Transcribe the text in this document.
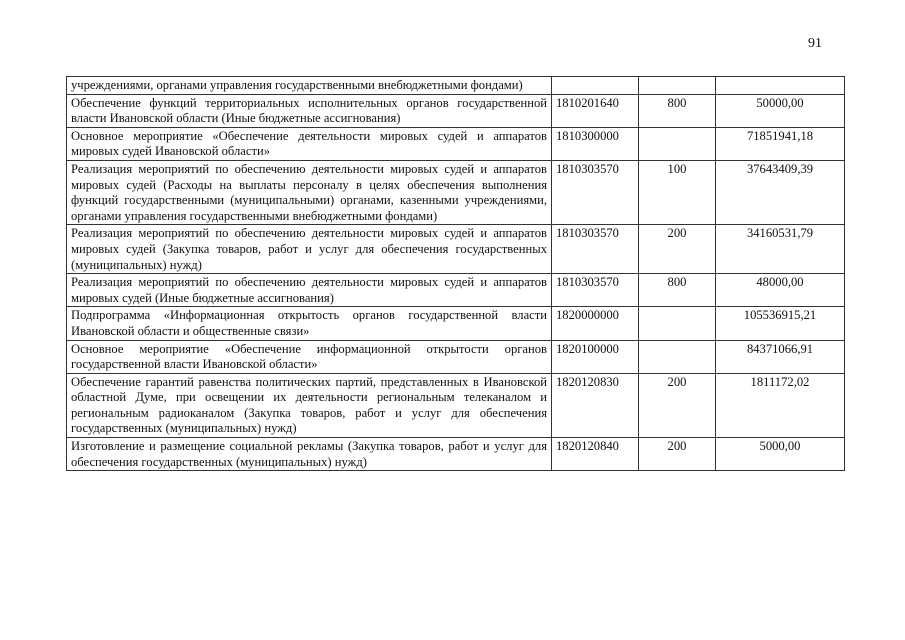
91
учреждениями, органами управления государственными внебюджетными фондами)			
Обеспечение функций территориальных исполнительных органов государственной власти Ивановской области (Иные бюджетные ассигнования)	1810201640	800	50000,00
Основное мероприятие «Обеспечение деятельности мировых судей и аппаратов мировых судей Ивановской области»	1810300000		71851941,18
Реализация мероприятий по обеспечению деятельности мировых судей и аппаратов мировых судей (Расходы на выплаты персоналу в целях обеспечения выполнения функций государственными (муниципальными) органами, казенными учреждениями, органами управления государственными внебюджетными фондами)	1810303570	100	37643409,39
Реализация мероприятий по обеспечению деятельности мировых судей и аппаратов мировых судей (Закупка товаров, работ и услуг для обеспечения государственных (муниципальных) нужд)	1810303570	200	34160531,79
Реализация мероприятий по обеспечению деятельности мировых судей и аппаратов мировых судей (Иные бюджетные ассигнования)	1810303570	800	48000,00
Подпрограмма «Информационная открытость органов государственной власти Ивановской области и общественные связи»	1820000000		105536915,21
Основное мероприятие «Обеспечение информационной открытости органов государственной власти Ивановской области»	1820100000		84371066,91
Обеспечение гарантий равенства политических партий, представленных в Ивановской областной Думе, при освещении их деятельности региональным телеканалом и региональным радиоканалом (Закупка товаров, работ и услуг для обеспечения государственных (муниципальных) нужд)	1820120830	200	1811172,02
Изготовление и размещение социальной рекламы (Закупка товаров, работ и услуг для обеспечения государственных (муниципальных) нужд)	1820120840	200	5000,00
